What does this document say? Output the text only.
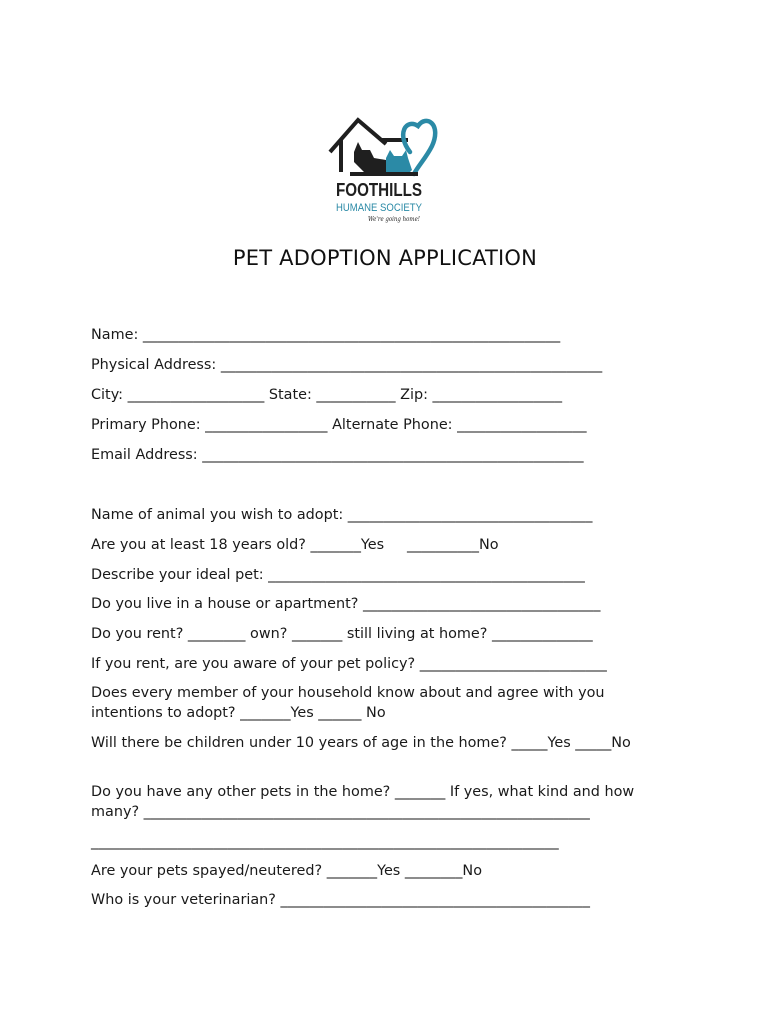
FOOTHILLS
HUMANE SOCIETY
We're going home!
PET ADOPTION APPLICATION
Name: __________________________________________________________
Physical Address: _____________________________________________________
City: ___________________ State: ___________ Zip: __________________
Primary Phone: _________________ Alternate Phone: __________________
Email Address: _____________________________________________________
Name of animal you wish to adopt: __________________________________
Are you at least 18 years old? _______Yes     __________No
Describe your ideal pet: ____________________________________________
Do you live in a house or apartment? _________________________________
Do you rent? ________ own? _______ still living at home? ______________
If you rent, are you aware of your pet policy? __________________________
Does every member of your household know about and agree with you intentions to adopt? _______Yes ______ No
Will there be children under 10 years of age in the home? _____Yes _____No
Do you have any other pets in the home? _______ If yes, what kind and how many? ______________________________________________________________
_________________________________________________________________
Are your pets spayed/neutered? _______Yes ________No
Who is your veterinarian? ___________________________________________
